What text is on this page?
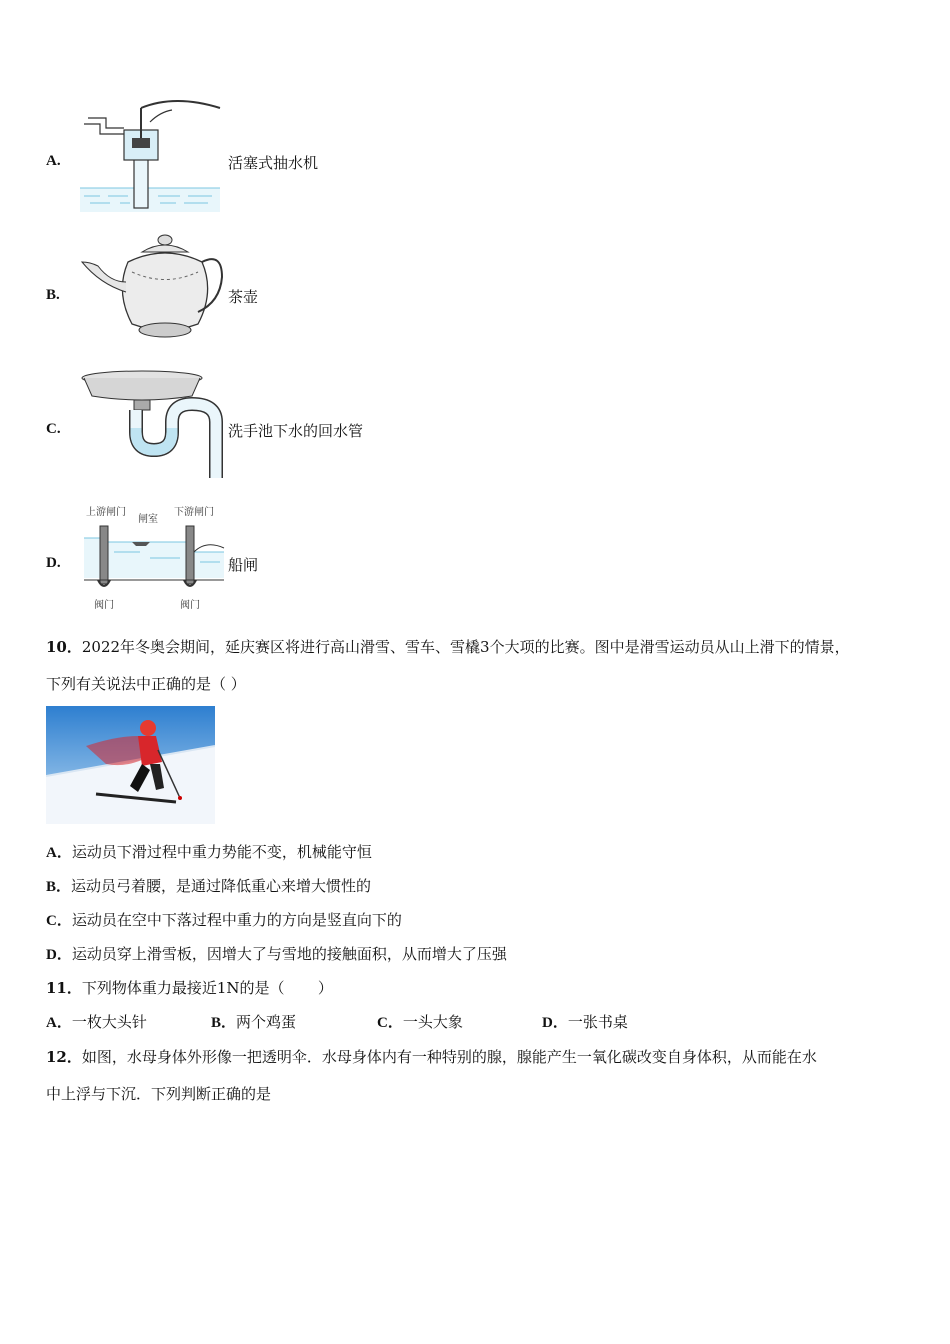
A.	活塞式抽水机
B.	茶壶
C.	洗手池下水的回水管
D.
上游闸门
闸室
下游闸门
阀门	阀门
船闸
10．2022年冬奥会期间，延庆赛区将进行高山滑雪、雪车、雪橇3个大项的比赛。图中是滑雪运动员从山上滑下的情景，
下列有关说法中正确的是（ ）
A．运动员下滑过程中重力势能不变，机械能守恒
B．运动员弓着腰，是通过降低重心来增大惯性的
C．运动员在空中下落过程中重力的方向是竖直向下的
D．运动员穿上滑雪板，因增大了与雪地的接触面积，从而增大了压强
11．下列物体重力最接近1N的是（       ）
A．一枚大头针	B．两个鸡蛋	C．一头大象	D．一张书桌
12．如图，水母身体外形像一把透明伞．水母身体内有一种特别的腺，腺能产生一氧化碳改变自身体积，从而能在水
中上浮与下沉．下列判断正确的是
